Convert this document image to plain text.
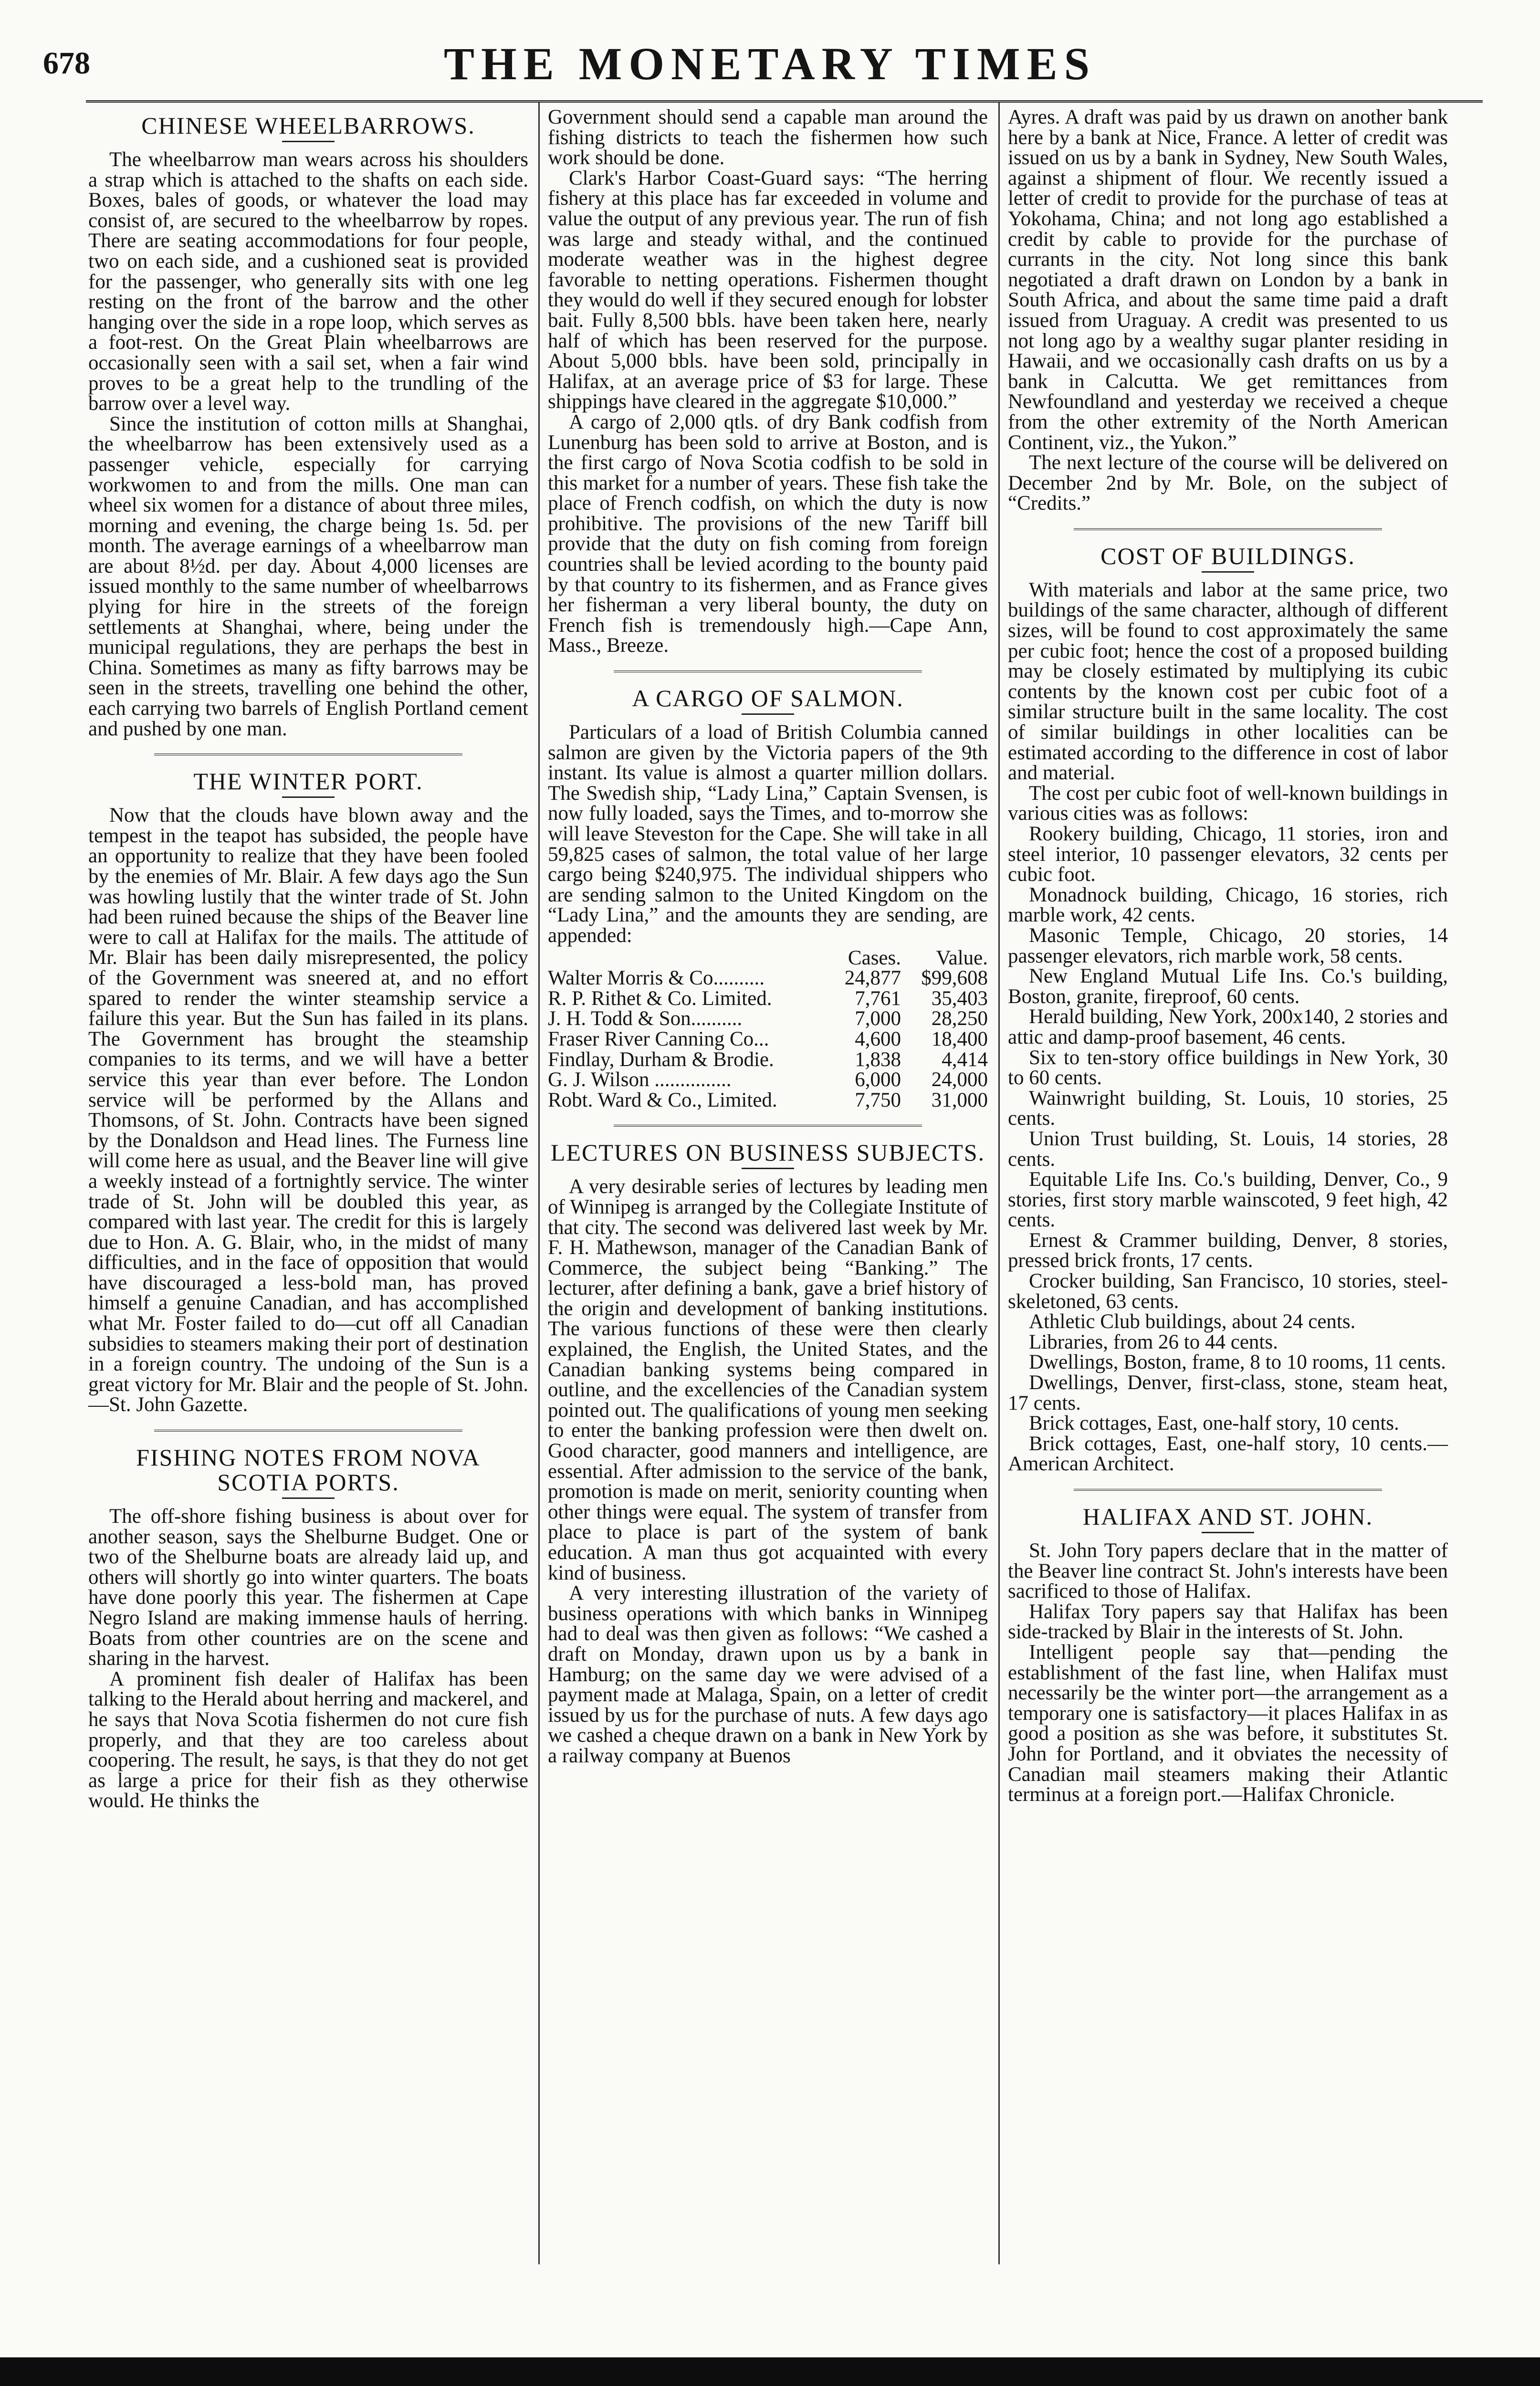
678	THE MONETARY TIMES
CHINESE WHEELBARROWS.

The wheelbarrow man wears across his shoulders a strap which is attached to the shafts on each side. Boxes, bales of goods, or whatever the load may consist of, are secured to the wheelbarrow by ropes. There are seating accommodations for four people, two on each side, and a cushioned seat is provided for the passenger, who generally sits with one leg resting on the front of the barrow and the other hanging over the side in a rope loop, which serves as a foot-rest. On the Great Plain wheelbarrows are occasionally seen with a sail set, when a fair wind proves to be a great help to the trundling of the barrow over a level way.

Since the institution of cotton mills at Shanghai, the wheelbarrow has been extensively used as a passenger vehicle, especially for carrying workwomen to and from the mills. One man can wheel six women for a distance of about three miles, morning and evening, the charge being 1s. 5d. per month. The average earnings of a wheelbarrow man are about 8½d. per day. About 4,000 licenses are issued monthly to the same number of wheelbarrows plying for hire in the streets of the foreign settlements at Shanghai, where, being under the municipal regulations, they are perhaps the best in China. Sometimes as many as fifty barrows may be seen in the streets, travelling one behind the other, each carrying two barrels of English Portland cement and pushed by one man.

THE WINTER PORT.

Now that the clouds have blown away and the tempest in the teapot has subsided, the people have an opportunity to realize that they have been fooled by the enemies of Mr. Blair. A few days ago the Sun was howling lustily that the winter trade of St. John had been ruined because the ships of the Beaver line were to call at Halifax for the mails. The attitude of Mr. Blair has been daily misrepresented, the policy of the Government was sneered at, and no effort spared to render the winter steamship service a failure this year. But the Sun has failed in its plans. The Government has brought the steamship companies to its terms, and we will have a better service this year than ever before. The London service will be performed by the Allans and Thomsons, of St. John. Contracts have been signed by the Donaldson and Head lines. The Furness line will come here as usual, and the Beaver line will give a weekly instead of a fortnightly service. The winter trade of St. John will be doubled this year, as compared with last year. The credit for this is largely due to Hon. A. G. Blair, who, in the midst of many difficulties, and in the face of opposition that would have discouraged a less-bold man, has proved himself a genuine Canadian, and has accomplished what Mr. Foster failed to do—cut off all Canadian subsidies to steamers making their port of destination in a foreign country. The undoing of the Sun is a great victory for Mr. Blair and the people of St. John.—St. John Gazette.

FISHING NOTES FROM NOVA SCOTIA PORTS.

The off-shore fishing business is about over for another season, says the Shelburne Budget. One or two of the Shelburne boats are already laid up, and others will shortly go into winter quarters. The boats have done poorly this year. The fishermen at Cape Negro Island are making immense hauls of herring. Boats from other countries are on the scene and sharing in the harvest.

A prominent fish dealer of Halifax has been talking to the Herald about herring and mackerel, and he says that Nova Scotia fishermen do not cure fish properly, and that they are too careless about coopering. The result, he says, is that they do not get as large a price for their fish as they otherwise would. He thinks the

Government should send a capable man around the fishing districts to teach the fishermen how such work should be done.

Clark's Harbor Coast-Guard says: “The herring fishery at this place has far exceeded in volume and value the output of any previous year. The run of fish was large and steady withal, and the continued moderate weather was in the highest degree favorable to netting operations. Fishermen thought they would do well if they secured enough for lobster bait. Fully 8,500 bbls. have been taken here, nearly half of which has been reserved for the purpose. About 5,000 bbls. have been sold, principally in Halifax, at an average price of $3 for large. These shippings have cleared in the aggregate $10,000.”

A cargo of 2,000 qtls. of dry Bank codfish from Lunenburg has been sold to arrive at Boston, and is the first cargo of Nova Scotia codfish to be sold in this market for a number of years. These fish take the place of French codfish, on which the duty is now prohibitive. The provisions of the new Tariff bill provide that the duty on fish coming from foreign countries shall be levied acording to the bounty paid by that country to its fishermen, and as France gives her fisherman a very liberal bounty, the duty on French fish is tremendously high.—Cape Ann, Mass., Breeze.

A CARGO OF SALMON.

Particulars of a load of British Columbia canned salmon are given by the Victoria papers of the 9th instant. Its value is almost a quarter million dollars. The Swedish ship, “Lady Lina,” Captain Svensen, is now fully loaded, says the Times, and to-morrow she will leave Steveston for the Cape. She will take in all 59,825 cases of salmon, the total value of her large cargo being $240,975. The individual shippers who are sending salmon to the United Kingdom on the “Lady Lina,” and the amounts they are sending, are appended:

	Cases.	Value.
Walter Morris & Co..........	24,877	$99,608
R. P. Rithet & Co. Limited.	7,761	35,403
J. H. Todd & Son..........	7,000	28,250
Fraser River Canning Co...	4,600	18,400
Findlay, Durham & Brodie.	1,838	4,414
G. J. Wilson ...............	6,000	24,000
Robt. Ward & Co., Limited.	7,750	31,000
LECTURES ON BUSINESS SUBJECTS.

A very desirable series of lectures by leading men of Winnipeg is arranged by the Collegiate Institute of that city. The second was delivered last week by Mr. F. H. Mathewson, manager of the Canadian Bank of Commerce, the subject being “Banking.” The lecturer, after defining a bank, gave a brief history of the origin and development of banking institutions. The various functions of these were then clearly explained, the English, the United States, and the Canadian banking systems being compared in outline, and the excellencies of the Canadian system pointed out. The qualifications of young men seeking to enter the banking profession were then dwelt on. Good character, good manners and intelligence, are essential. After admission to the service of the bank, promotion is made on merit, seniority counting when other things were equal. The system of transfer from place to place is part of the system of bank education. A man thus got acquainted with every kind of business.

A very interesting illustration of the variety of business operations with which banks in Winnipeg had to deal was then given as follows: “We cashed a draft on Monday, drawn upon us by a bank in Hamburg; on the same day we were advised of a payment made at Malaga, Spain, on a letter of credit issued by us for the purchase of nuts. A few days ago we cashed a cheque drawn on a bank in New York by a railway company at Buenos

Ayres. A draft was paid by us drawn on another bank here by a bank at Nice, France. A letter of credit was issued on us by a bank in Sydney, New South Wales, against a shipment of flour. We recently issued a letter of credit to provide for the purchase of teas at Yokohama, China; and not long ago established a credit by cable to provide for the purchase of currants in the city. Not long since this bank negotiated a draft drawn on London by a bank in South Africa, and about the same time paid a draft issued from Uraguay. A credit was presented to us not long ago by a wealthy sugar planter residing in Hawaii, and we occasionally cash drafts on us by a bank in Calcutta. We get remittances from Newfoundland and yesterday we received a cheque from the other extremity of the North American Continent, viz., the Yukon.”

The next lecture of the course will be delivered on December 2nd by Mr. Bole, on the subject of “Credits.”

COST OF BUILDINGS.

With materials and labor at the same price, two buildings of the same character, although of different sizes, will be found to cost approximately the same per cubic foot; hence the cost of a proposed building may be closely estimated by multiplying its cubic contents by the known cost per cubic foot of a similar structure built in the same locality. The cost of similar buildings in other localities can be estimated according to the difference in cost of labor and material.

The cost per cubic foot of well-known buildings in various cities was as follows:

Rookery building, Chicago, 11 stories, iron and steel interior, 10 passenger elevators, 32 cents per cubic foot.

Monadnock building, Chicago, 16 stories, rich marble work, 42 cents.

Masonic Temple, Chicago, 20 stories, 14 passenger elevators, rich marble work, 58 cents.

New England Mutual Life Ins. Co.'s building, Boston, granite, fireproof, 60 cents.

Herald building, New York, 200x140, 2 stories and attic and damp-proof basement, 46 cents.

Six to ten-story office buildings in New York, 30 to 60 cents.

Wainwright building, St. Louis, 10 stories, 25 cents.

Union Trust building, St. Louis, 14 stories, 28 cents.

Equitable Life Ins. Co.'s building, Denver, Co., 9 stories, first story marble wainscoted, 9 feet high, 42 cents.

Ernest & Crammer building, Denver, 8 stories, pressed brick fronts, 17 cents.

Crocker building, San Francisco, 10 stories, steel-skeletoned, 63 cents.

Athletic Club buildings, about 24 cents.

Libraries, from 26 to 44 cents.

Dwellings, Boston, frame, 8 to 10 rooms, 11 cents.

Dwellings, Denver, first-class, stone, steam heat, 17 cents.

Brick cottages, East, one-half story, 10 cents.

Brick cottages, East, one-half story, 10 cents.—American Architect.

HALIFAX AND ST. JOHN.

St. John Tory papers declare that in the matter of the Beaver line contract St. John's interests have been sacrificed to those of Halifax.

Halifax Tory papers say that Halifax has been side-tracked by Blair in the interests of St. John.

Intelligent people say that—pending the establishment of the fast line, when Halifax must necessarily be the winter port—the arrangement as a temporary one is satisfactory—it places Halifax in as good a position as she was before, it substitutes St. John for Portland, and it obviates the necessity of Canadian mail steamers making their Atlantic terminus at a foreign port.—Halifax Chronicle.
